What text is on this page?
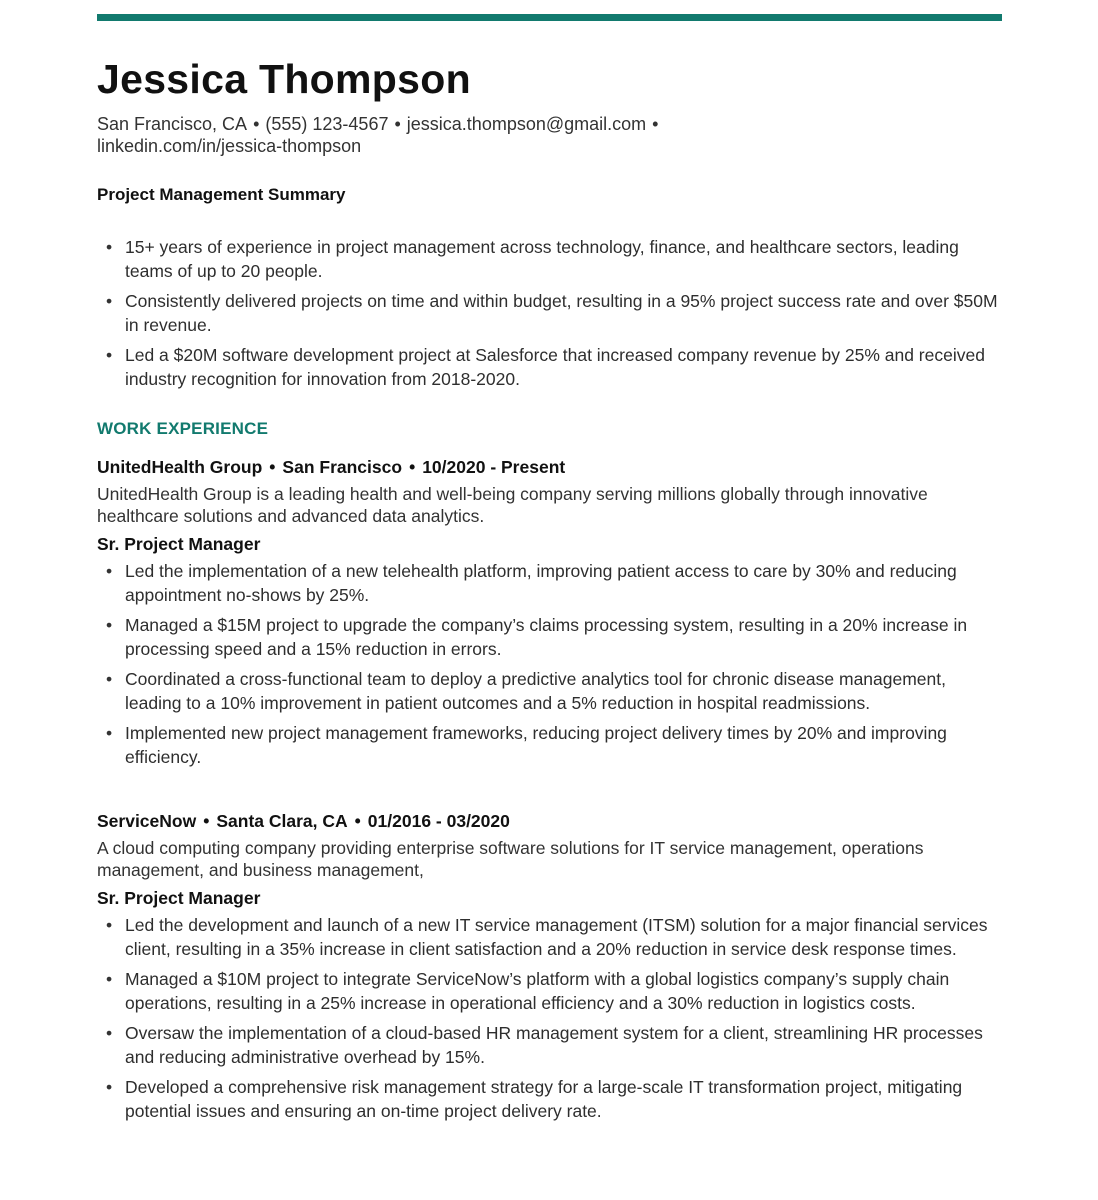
Jessica Thompson
San Francisco, CA • (555) 123-4567 • jessica.thompson@gmail.com •
linkedin.com/in/jessica-thompson
Project Management Summary
• 15+ years of experience in project management across technology, finance, and healthcare sectors, leading teams of up to 20 people.
• Consistently delivered projects on time and within budget, resulting in a 95% project success rate and over $50M in revenue.
• Led a $20M software development project at Salesforce that increased company revenue by 25% and received industry recognition for innovation from 2018-2020.
WORK EXPERIENCE
UnitedHealth Group • San Francisco • 10/2020 - Present
UnitedHealth Group is a leading health and well-being company serving millions globally through innovative healthcare solutions and advanced data analytics.
Sr. Project Manager
• Led the implementation of a new telehealth platform, improving patient access to care by 30% and reducing appointment no-shows by 25%.
• Managed a $15M project to upgrade the company’s claims processing system, resulting in a 20% increase in processing speed and a 15% reduction in errors.
• Coordinated a cross-functional team to deploy a predictive analytics tool for chronic disease management, leading to a 10% improvement in patient outcomes and a 5% reduction in hospital readmissions.
• Implemented new project management frameworks, reducing project delivery times by 20% and improving efficiency.
ServiceNow • Santa Clara, CA • 01/2016 - 03/2020
A cloud computing company providing enterprise software solutions for IT service management, operations management, and business management,
Sr. Project Manager
• Led the development and launch of a new IT service management (ITSM) solution for a major financial services client, resulting in a 35% increase in client satisfaction and a 20% reduction in service desk response times.
• Managed a $10M project to integrate ServiceNow’s platform with a global logistics company’s supply chain operations, resulting in a 25% increase in operational efficiency and a 30% reduction in logistics costs.
• Oversaw the implementation of a cloud-based HR management system for a client, streamlining HR processes and reducing administrative overhead by 15%.
• Developed a comprehensive risk management strategy for a large-scale IT transformation project, mitigating potential issues and ensuring an on-time project delivery rate.
